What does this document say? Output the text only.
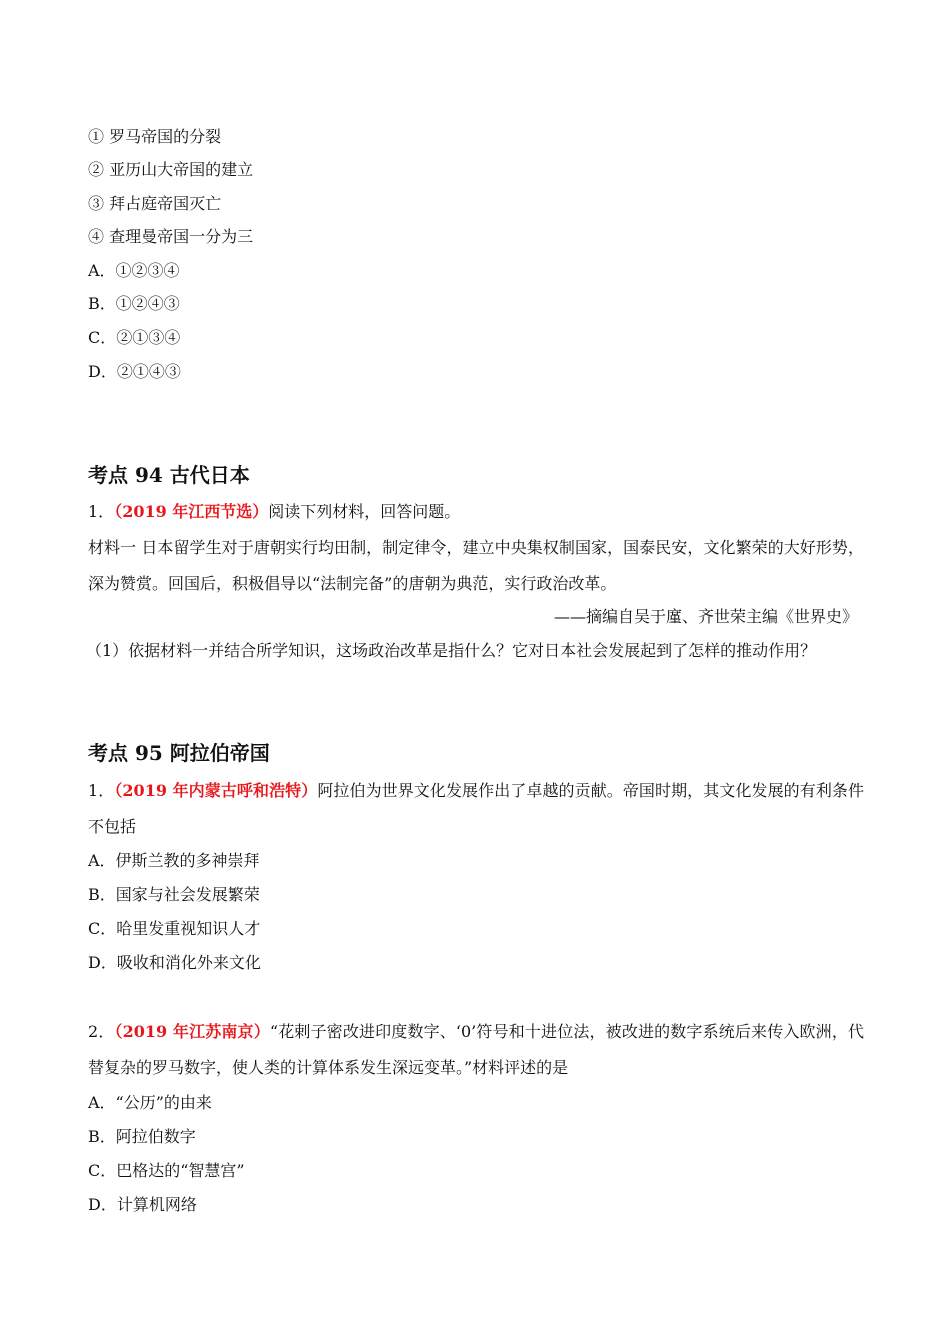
① 罗马帝国的分裂
② 亚历山大帝国的建立
③ 拜占庭帝国灭亡
④ 查理曼帝国一分为三
A．①②③④
B．①②④③
C．②①③④
D．②①④③
考点 94 古代日本
1．（2019 年江西节选）阅读下列材料，回答问题。
材料一 日本留学生对于唐朝实行均田制，制定律令，建立中央集权制国家，国泰民安，文化繁荣的大好形势，
深为赞赏。回国后，积极倡导以“法制完备”的唐朝为典范，实行政治改革。
——摘编自吴于廑、齐世荣主编《世界史》
（1）依据材料一并结合所学知识，这场政治改革是指什么？它对日本社会发展起到了怎样的推动作用？
考点 95 阿拉伯帝国
1．（2019 年内蒙古呼和浩特）阿拉伯为世界文化发展作出了卓越的贡献。帝国时期，其文化发展的有利条件
不包括
A．伊斯兰教的多神崇拜
B．国家与社会发展繁荣
C．哈里发重视知识人才
D．吸收和消化外来文化
2．（2019 年江苏南京）“花剌子密改进印度数字、‘0’符号和十进位法，被改进的数字系统后来传入欧洲，代
替复杂的罗马数字，使人类的计算体系发生深远变革。”材料评述的是
A．“公历”的由来
B．阿拉伯数字
C．巴格达的“智慧宫”
D．计算机网络
